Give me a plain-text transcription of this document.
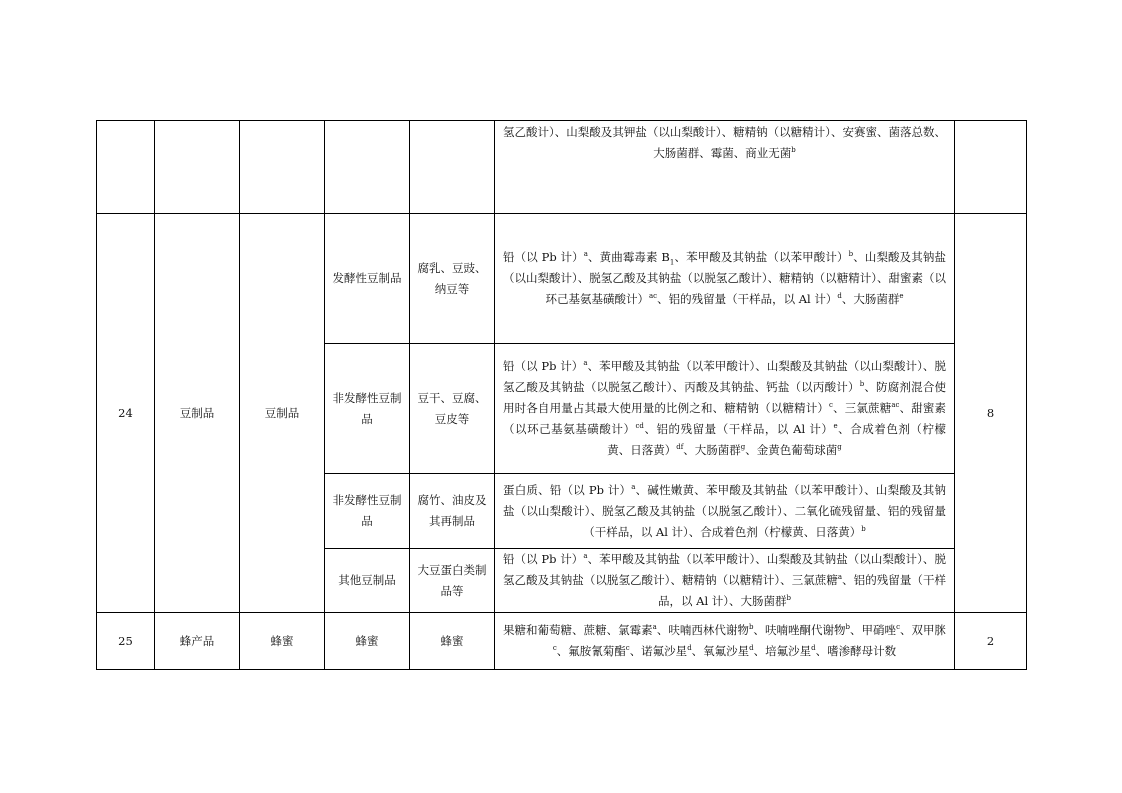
					氢乙酸计）、山梨酸及其钾盐（以山梨酸计）、糖精钠（以糖精计）、安赛蜜、菌落总数、大肠菌群、霉菌、商业无菌$^b$	
24	豆制品	豆制品	发酵性豆制品	腐乳、豆豉、纳豆等	铅（以 Pb 计）$^a$、黄曲霉毒素 $B_1$、苯甲酸及其钠盐（以苯甲酸计）$^b$、山梨酸及其钠盐（以山梨酸计）、脱氢乙酸及其钠盐（以脱氢乙酸计）、糖精钠（以糖精计）、甜蜜素（以环己基氨基磺酸计）$^{ac}$、铝的残留量（干样品，以 Al 计）$^d$、大肠菌群$^e$	8
			非发酵性豆制品	豆干、豆腐、豆皮等	铅（以 Pb 计）$^a$、苯甲酸及其钠盐（以苯甲酸计）、山梨酸及其钠盐（以山梨酸计）、脱氢乙酸及其钠盐（以脱氢乙酸计）、丙酸及其钠盐、钙盐（以丙酸计）$^b$、防腐剂混合使用时各自用量占其最大使用量的比例之和、糖精钠（以糖精计）$^c$、三氯蔗糖$^{ac}$、甜蜜素（以环己基氨基磺酸计）$^{cd}$、铝的残留量（干样品，以 Al 计）$^e$、合成着色剂（柠檬黄、日落黄）$^{df}$、大肠菌群$^g$、金黄色葡萄球菌$^g$
			非发酵性豆制品	腐竹、油皮及其再制品	蛋白质、铅（以 Pb 计）$^a$、碱性嫩黄、苯甲酸及其钠盐（以苯甲酸计）、山梨酸及其钠盐（以山梨酸计）、脱氢乙酸及其钠盐（以脱氢乙酸计）、二氧化硫残留量、铝的残留量（干样品，以 Al 计）、合成着色剂（柠檬黄、日落黄）$^b$
			其他豆制品	大豆蛋白类制品等	铅（以 Pb 计）$^a$、苯甲酸及其钠盐（以苯甲酸计）、山梨酸及其钠盐（以山梨酸计）、脱氢乙酸及其钠盐（以脱氢乙酸计）、糖精钠（以糖精计）、三氯蔗糖$^a$、铝的残留量（干样品，以 Al 计）、大肠菌群$^b$
25	蜂产品	蜂蜜	蜂蜜	蜂蜜	果糖和葡萄糖、蔗糖、氯霉素$^a$、呋喃西林代谢物$^b$、呋喃唑酮代谢物$^b$、甲硝唑$^c$、双甲脒$^c$、氟胺氰菊酯$^c$、诺氟沙星$^d$、氧氟沙星$^d$、培氟沙星$^d$、嗜渗酵母计数	2
